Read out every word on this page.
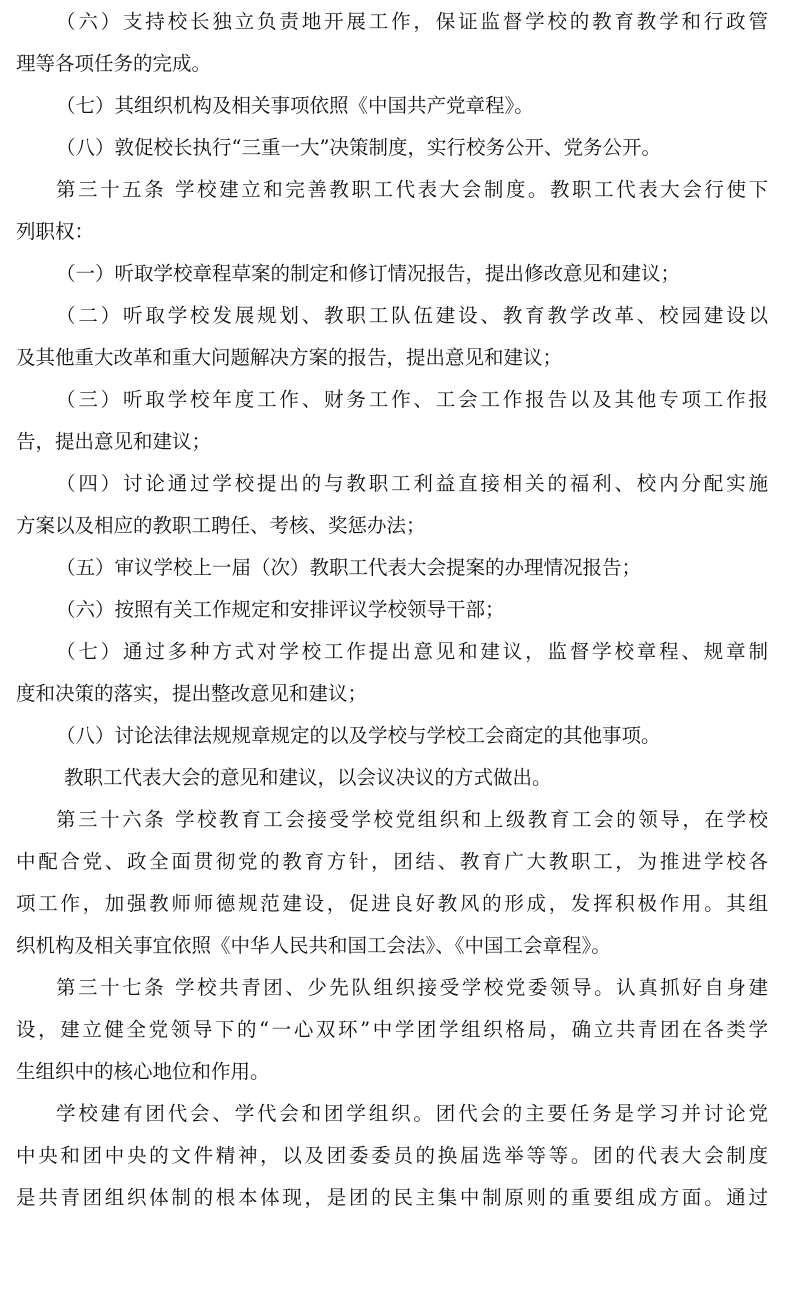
（六）支持校长独立负责地开展工作，保证监督学校的教育教学和行政管
理等各项任务的完成。
（七）其组织机构及相关事项依照《中国共产党章程》。
（八）敦促校长执行“三重一大”决策制度，实行校务公开、党务公开。
第三十五条 学校建立和完善教职工代表大会制度。教职工代表大会行使下
列职权：
（一）听取学校章程草案的制定和修订情况报告，提出修改意见和建议；
（二）听取学校发展规划、教职工队伍建设、教育教学改革、校园建设以
及其他重大改革和重大问题解决方案的报告，提出意见和建议；
（三）听取学校年度工作、财务工作、工会工作报告以及其他专项工作报
告，提出意见和建议；
（四）讨论通过学校提出的与教职工利益直接相关的福利、校内分配实施
方案以及相应的教职工聘任、考核、奖惩办法；
（五）审议学校上一届（次）教职工代表大会提案的办理情况报告；
（六）按照有关工作规定和安排评议学校领导干部；
（七）通过多种方式对学校工作提出意见和建议，监督学校章程、规章制
度和决策的落实，提出整改意见和建议；
（八）讨论法律法规规章规定的以及学校与学校工会商定的其他事项。
教职工代表大会的意见和建议，以会议决议的方式做出。
第三十六条 学校教育工会接受学校党组织和上级教育工会的领导，在学校
中配合党、政全面贯彻党的教育方针，团结、教育广大教职工，为推进学校各
项工作，加强教师师德规范建设，促进良好教风的形成，发挥积极作用。其组
织机构及相关事宜依照《中华人民共和国工会法》、《中国工会章程》。
第三十七条 学校共青团、少先队组织接受学校党委领导。认真抓好自身建
设，建立健全党领导下的“一心双环”中学团学组织格局，确立共青团在各类学
生组织中的核心地位和作用。
学校建有团代会、学代会和团学组织。团代会的主要任务是学习并讨论党
中央和团中央的文件精神，以及团委委员的换届选举等等。团的代表大会制度
是共青团组织体制的根本体现，是团的民主集中制原则的重要组成方面。通过
